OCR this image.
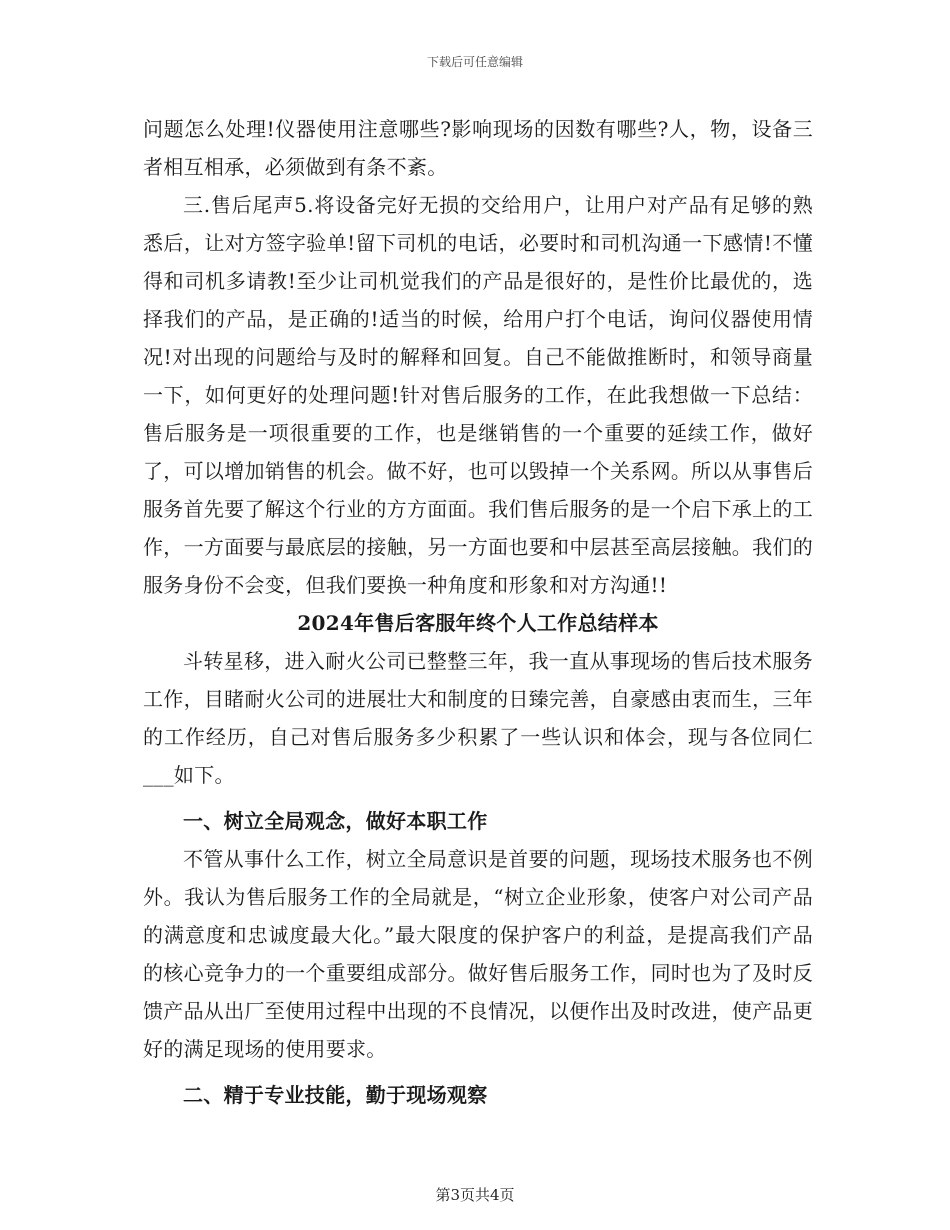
下载后可任意编辑

问题怎么处理!仪器使用注意哪些?影响现场的因数有哪些?人，物，设备三者相互相承，必须做到有条不紊。

三.售后尾声5.将设备完好无损的交给用户，让用户对产品有足够的熟悉后，让对方签字验单!留下司机的电话，必要时和司机沟通一下感情!不懂得和司机多请教!至少让司机觉我们的产品是很好的，是性价比最优的，选择我们的产品，是正确的!适当的时候，给用户打个电话，询问仪器使用情况!对出现的问题给与及时的解释和回复。自己不能做推断时，和领导商量一下，如何更好的处理问题!针对售后服务的工作，在此我想做一下总结：售后服务是一项很重要的工作，也是继销售的一个重要的延续工作，做好了，可以增加销售的机会。做不好，也可以毁掉一个关系网。所以从事售后服务首先要了解这个行业的方方面面。我们售后服务的是一个启下承上的工作，一方面要与最底层的接触，另一方面也要和中层甚至高层接触。我们的服务身份不会变，但我们要换一种角度和形象和对方沟通!!

2024年售后客服年终个人工作总结样本

斗转星移，进入耐火公司已整整三年，我一直从事现场的售后技术服务工作，目睹耐火公司的进展壮大和制度的日臻完善，自豪感由衷而生，三年的工作经历，自己对售后服务多少积累了一些认识和体会，现与各位同仁___如下。

一、树立全局观念，做好本职工作

不管从事什么工作，树立全局意识是首要的问题，现场技术服务也不例外。我认为售后服务工作的全局就是，“树立企业形象，使客户对公司产品的满意度和忠诚度最大化。”最大限度的保护客户的利益，是提高我们产品的核心竞争力的一个重要组成部分。做好售后服务工作，同时也为了及时反馈产品从出厂至使用过程中出现的不良情况，以便作出及时改进，使产品更好的满足现场的使用要求。

二、精于专业技能，勤于现场观察

第3页共4页
